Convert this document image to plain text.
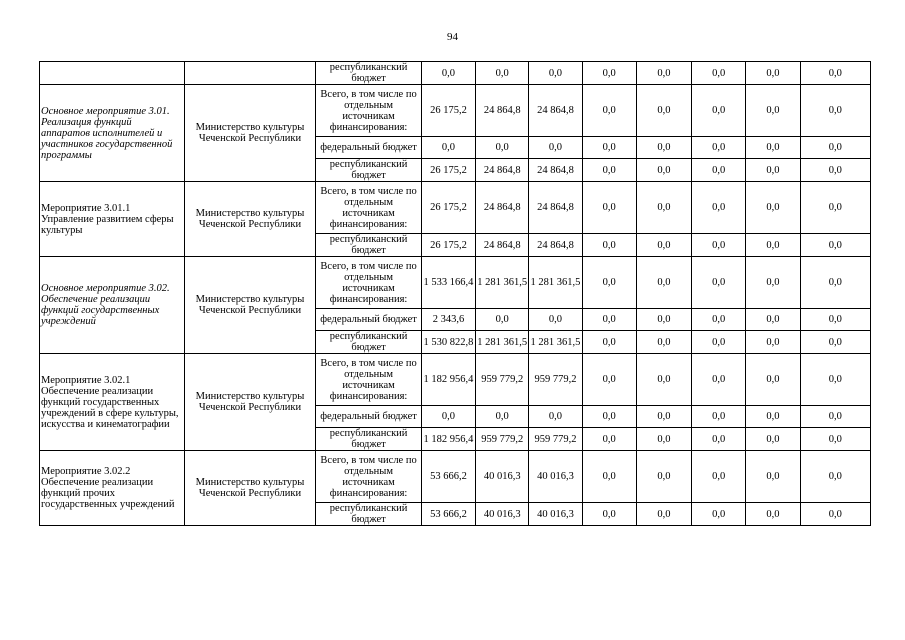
94
		республиканский бюджет	0,0	0,0	0,0	0,0	0,0	0,0	0,0	0,0
Основное мероприятие 3.01. Реализация функций аппаратов исполнителей и участников государственной программы	Министерство культуры Чеченской Республики	Всего, в том числе по отдельным источникам финансирования:	26 175,2	24 864,8	24 864,8	0,0	0,0	0,0	0,0	0,0
		федеральный бюджет	0,0	0,0	0,0	0,0	0,0	0,0	0,0	0,0
		республиканский бюджет	26 175,2	24 864,8	24 864,8	0,0	0,0	0,0	0,0	0,0
Мероприятие 3.01.1 Управление развитием сферы культуры	Министерство культуры Чеченской Республики	Всего, в том числе по отдельным источникам финансирования:	26 175,2	24 864,8	24 864,8	0,0	0,0	0,0	0,0	0,0
		республиканский бюджет	26 175,2	24 864,8	24 864,8	0,0	0,0	0,0	0,0	0,0
Основное мероприятие 3.02. Обеспечение реализации функций государственных учреждений	Министерство культуры Чеченской Республики	Всего, в том числе по отдельным источникам финансирования:	1 533 166,4	1 281 361,5	1 281 361,5	0,0	0,0	0,0	0,0	0,0
		федеральный бюджет	2 343,6	0,0	0,0	0,0	0,0	0,0	0,0	0,0
		республиканский бюджет	1 530 822,8	1 281 361,5	1 281 361,5	0,0	0,0	0,0	0,0	0,0
Мероприятие 3.02.1 Обеспечение реализации функций государственных учреждений в сфере культуры, искусства и кинематографии	Министерство культуры Чеченской Республики	Всего, в том числе по отдельным источникам финансирования:	1 182 956,4	959 779,2	959 779,2	0,0	0,0	0,0	0,0	0,0
		федеральный бюджет	0,0	0,0	0,0	0,0	0,0	0,0	0,0	0,0
		республиканский бюджет	1 182 956,4	959 779,2	959 779,2	0,0	0,0	0,0	0,0	0,0
Мероприятие 3.02.2 Обеспечение реализации функций прочих государственных учреждений	Министерство культуры Чеченской Республики	Всего, в том числе по отдельным источникам финансирования:	53 666,2	40 016,3	40 016,3	0,0	0,0	0,0	0,0	0,0
		республиканский бюджет	53 666,2	40 016,3	40 016,3	0,0	0,0	0,0	0,0	0,0
